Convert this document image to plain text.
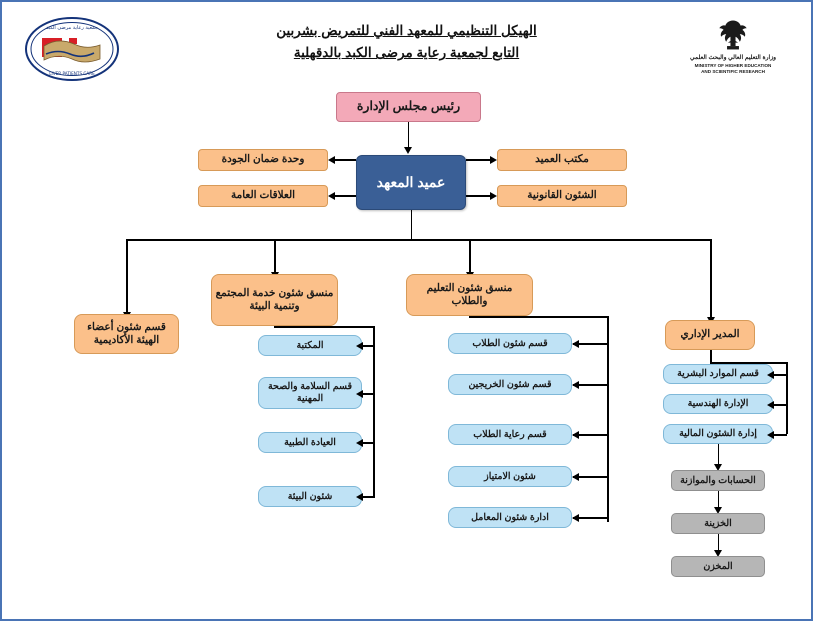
جمعية رعاية مرضى الكبد
LIVER PATIENTS CARE
وزارة التعليم العالي والبحث العلمي
MINISTRY OF HIGHER EDUCATION
AND SCIENTIFIC RESEARCH
الهيكل التنظيمي للمعهد الفني للتمريض بشربين
التابع لجمعية رعاية مرضى الكبد بالدقهلية
رئيس مجلس الإدارة
عميد المعهد
وحدة ضمان الجودة
العلاقات العامة
مكتب العميد
الشئون القانونية
قسم شئون أعضاء الهيئة الأكاديمية
منسق شئون خدمة المجتمع وتنمية البيئة
منسق شئون التعليم والطلاب
المدير الإداري
المكتبة
قسم السلامة والصحة المهنية
العيادة الطبية
شئون البيئة
قسم شئون الطلاب
قسم شئون الخريجين
قسم رعاية الطلاب
شئون الامتياز
ادارة شئون المعامل
قسم الموارد البشرية
الإدارة الهندسية
إدارة الشئون المالية
الحسابات والموازنة
الخزينة
المخزن
